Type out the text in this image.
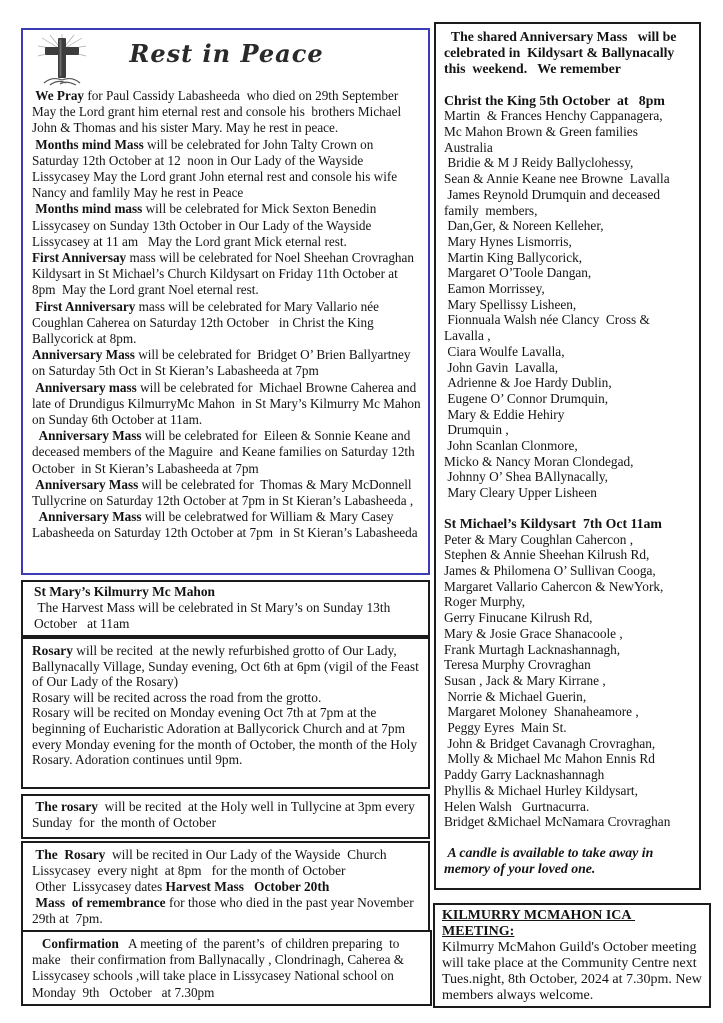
Rest in Peace

We Pray for Paul Cassidy Labasheeda  who died on 29th September  May the Lord grant him eternal rest and console his  brothers Michael John & Thomas and his sister Mary. May he rest in peace.

Months mind Mass will be celebrated for John Talty Crown on Saturday 12th October at 12  noon in Our Lady of the Wayside Lissycasey May the Lord grant John eternal rest and console his wife Nancy and famlily May he rest in Peace

Months mind mass will be celebrated for Mick Sexton Benedin Lissycasey on Sunday 13th October in Our Lady of the Wayside Lissycasey at 11 am   May the Lord grant Mick eternal rest.

First Anniversay mass will be celebrated for Noel Sheehan Crovraghan Kildysart in St Michael’s Church Kildysart on Friday 11th October at 8pm  May the Lord grant Noel eternal rest.

First Anniversary mass will be celebrated for Mary Vallario née Coughlan Caherea on Saturday 12th October   in Christ the King Ballycorick at 8pm.

Anniversary Mass will be celebrated for  Bridget O’ Brien Ballyartney on Saturday 5th Oct in St Kieran’s Labasheeda at 7pm

Anniversary mass will be celebrated for  Michael Browne Caherea and late of Drundigus KilmurryMc Mahon  in St Mary’s Kilmurry Mc Mahon on Sunday 6th October at 11am.

Anniversary Mass will be celebrated for  Eileen & Sonnie Keane and deceased members of the Maguire  and Keane families on Saturday 12th October  in St Kieran’s Labasheeda at 7pm

Anniversary Mass will be celebrated for  Thomas & Mary McDonnell Tullycrine on Saturday 12th October at 7pm in St Kieran’s Labasheeda ,

Anniversary Mass will be celebratwed for William & Mary Casey Labasheeda on Saturday 12th October at 7pm  in St Kieran’s Labasheeda

St Mary’s Kilmurry Mc Mahon

The Harvest Mass will be celebrated in St Mary’s on Sunday 13th October   at 11am

Rosary will be recited  at the newly refurbished grotto of Our Lady, Ballynacally Village, Sunday evening, Oct 6th at 6pm (vigil of the Feast of Our Lady of the Rosary)

Rosary will be recited across the road from the grotto.

Rosary will be recited on Monday evening Oct 7th at 7pm at the beginning of Eucharistic Adoration at Ballycorick Church and at 7pm every Monday evening for the month of October, the month of the Holy Rosary. Adoration continues until 9pm.

The rosary  will be recited  at the Holy well in Tullycine at 3pm every Sunday  for  the month of October

The  Rosary  will be recited in Our Lady of the Wayside  Church Lissycasey  every night  at 8pm   for the month of October

Other  Lissycasey dates Harvest Mass   October 20th

Mass  of remembrance for those who died in the past year November 29th at  7pm.

Confirmation   A meeting of  the parent’s  of children preparing  to make   their confirmation from Ballynacally , Clondrinagh, Caherea & Lissycasey schools ,will take place in Lissycasey National school on Monday  9th   October   at 7.30pm

The shared Anniversary Mass   will be celebrated in  Kildysart & Ballynacally this  weekend.   We remember
Christ the King 5th October  at   8pm
Martin  & Frances Henchy Cappanagera,
Mc Mahon Brown & Green families
Australia
Bridie & M J Reidy Ballyclohessy,
Sean & Annie Keane nee Browne  Lavalla
James Reynold Drumquin and deceased
family  members,
Dan,Ger, & Noreen Kelleher,
Mary Hynes Lismorris,
Martin King Ballycorick,
Margaret O’Toole Dangan,
Eamon Morrissey,
Mary Spellissy Lisheen,
Fionnuala Walsh née Clancy  Cross & Lavalla ,
Ciara Woulfe Lavalla,
John Gavin  Lavalla,
Adrienne & Joe Hardy Dublin,
Eugene O’ Connor Drumquin,
Mary & Eddie Hehiry
Drumquin ,
John Scanlan Clonmore,
Micko & Nancy Moran Clondegad,
Johnny O’ Shea BAllynacally,
Mary Cleary Upper Lisheen
St Michael’s Kildysart  7th Oct 11am
Peter & Mary Coughlan Cahercon ,
Stephen & Annie Sheehan Kilrush Rd,
James & Philomena O’ Sullivan Cooga,
Margaret Vallario Cahercon & NewYork,
Roger Murphy,
Gerry Finucane Kilrush Rd,
Mary & Josie Grace Shanacoole ,
Frank Murtagh Lacknashannagh,
Teresa Murphy Crovraghan
Susan , Jack & Mary Kirrane ,
Norrie & Michael Guerin,
Margaret Moloney  Shanaheamore ,
Peggy Eyres  Main St.
John & Bridget Cavanagh Crovraghan,
Molly & Michael Mc Mahon Ennis Rd
Paddy Garry Lacknashannagh
Phyllis & Michael Hurley Kildysart,
Helen Walsh   Gurtnacurra.
Bridget &Michael McNamara Crovraghan
A candle is available to take away in memory of your loved one.
KILMURRY MCMAHON ICA MEETING:

Kilmurry McMahon Guild's October meeting will take place at the Community Centre next Tues.night, 8th October, 2024 at 7.30pm. New members always welcome.
